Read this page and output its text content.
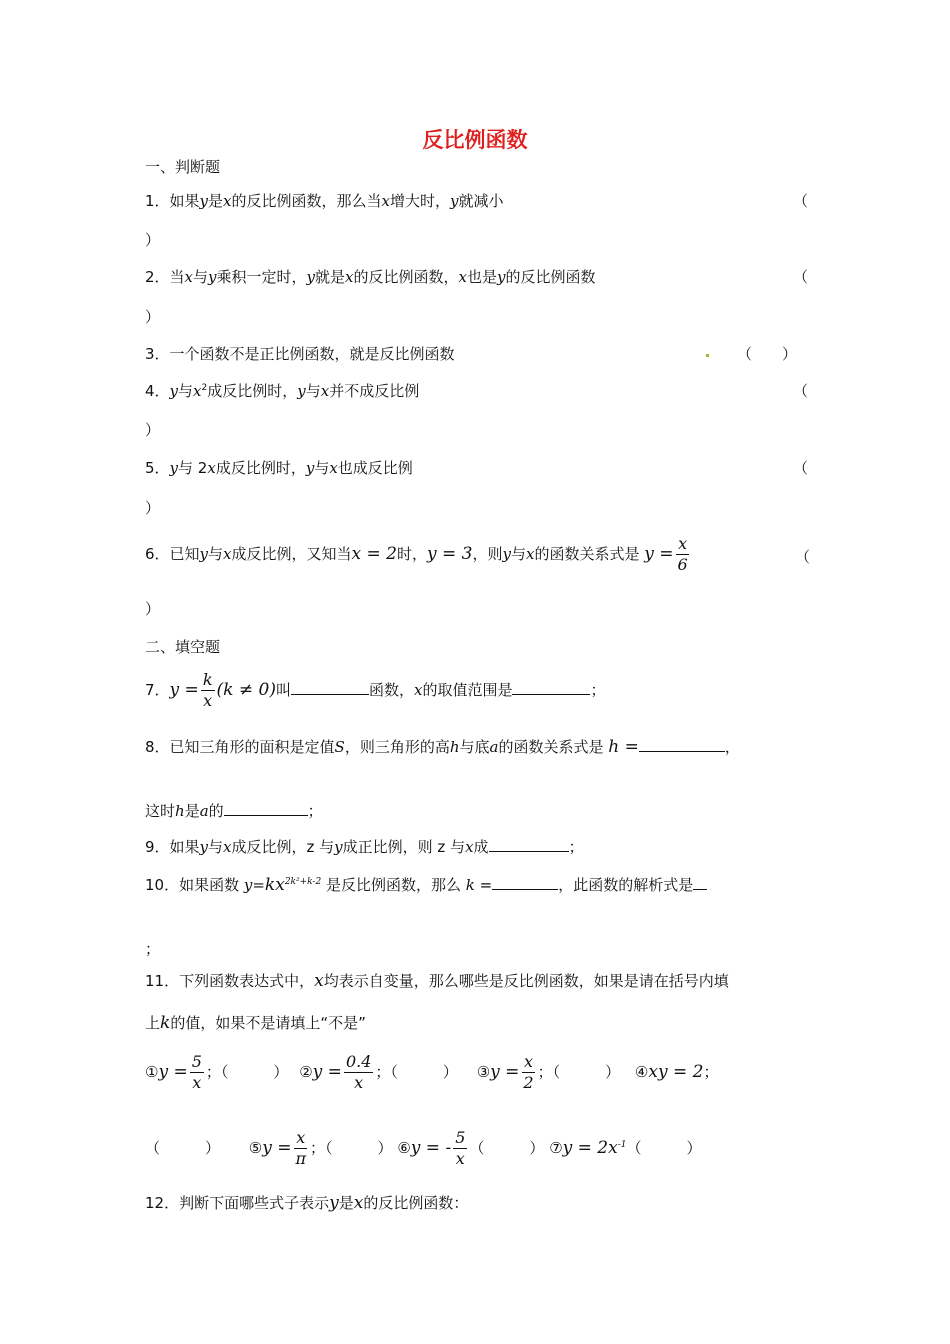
反比例函数
一、判断题
1．如果y是x的反比例函数，那么当x增大时，y就减小	（
）
2．当x与y乘积一定时，y就是x的反比例函数，x也是y的反比例函数	（
）
3．一个函数不是正比例函数，就是反比例函数	（　　）
4．y与$x^2$成反比例时，y与x并不成反比例	（
）
5．y与 2x成反比例时，y与x也成反比例	（
）
6．已知y与x成反比例，又知当x = 2时，y = 3，则y与x的函数关系式是 $y = \frac{x}{6}$	（
）
二、填空题
7．$y = \frac{k}{x} (k \ne 0)$叫	函数，x的取值范围是	；
8．已知三角形的面积是定值S，则三角形的高h与底a的函数关系式是 h =	，
这时h是a的	；
9．如果y与x成反比例，z 与y成正比例，则 z 与x成	；
10．如果函数 $y=kx^{2k^2+k-2}$ 是反比例函数，那么 k =	，此函数的解析式是
；
11．下列函数表达式中，x均表示自变量，那么哪些是反比例函数，如果是请在括号内填
上k的值，如果不是请填上“不是”
①y = $\frac{5}{x}$ ；（　　　） ②y = $\frac{0.4}{x}$ ；（　　　） ③y = $\frac{x}{2}$ ；（　　　） ④xy = 2；
（　　　） ⑤y = $\frac{x}{\pi}$ ；（　　　） ⑥y = - $\frac{5}{x}$ （　　　） ⑦y = $2x^{-1}$（　　　）
12．判断下面哪些式子表示y是x的反比例函数：
